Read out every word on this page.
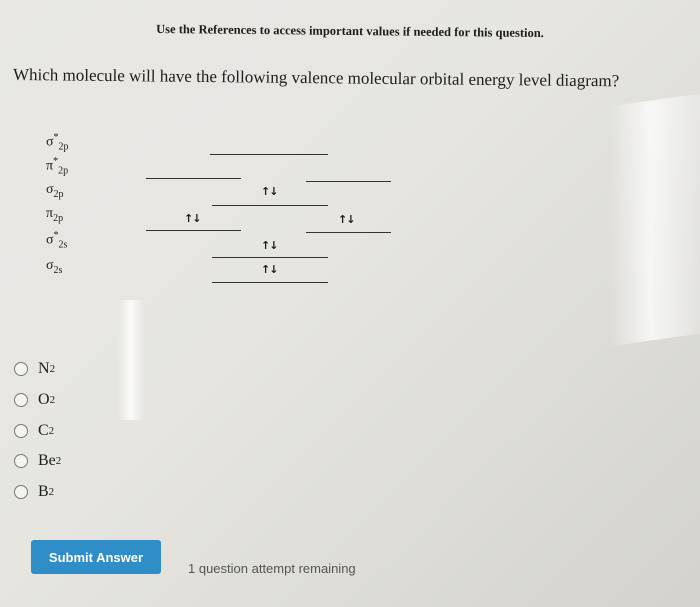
Use the References to access important values if needed for this question.
Which molecule will have the following valence molecular orbital energy level diagram?
$\sigma^*_{2p}$
$\pi^*_{2p}$
$\sigma_{2p}$
$\pi_{2p}$
$\sigma^*_{2s}$
$\sigma_{2s}$
↑↓
↑↓	↑↓
↑↓
↑↓
N 2
O 2
C 2
Be 2
B 2
Submit Answer
1 question attempt remaining
